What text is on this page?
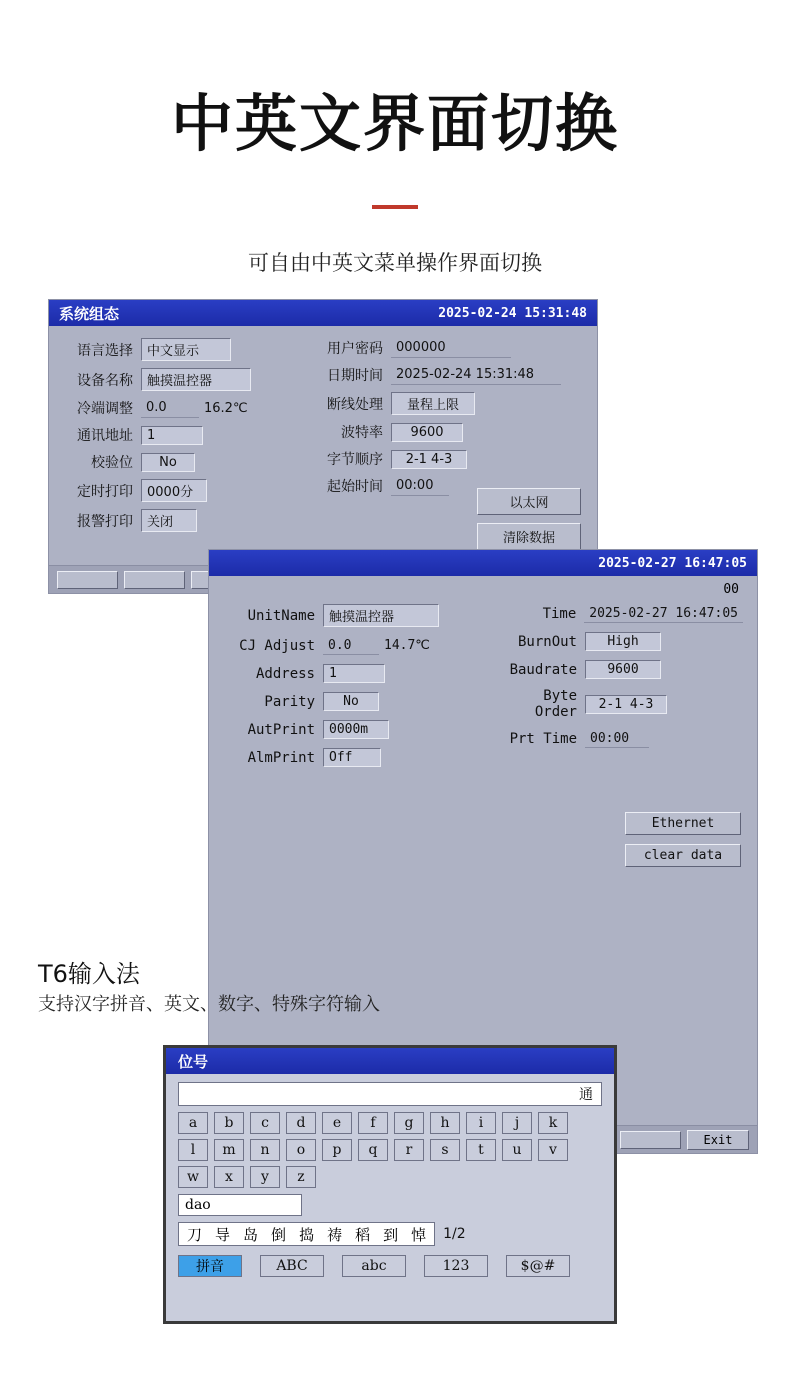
中英文界面切换
可自由中英文菜单操作界面切换
系统组态	2025-02-24 15:31:48
语言选择	中文显示
设备名称	触摸温控器
冷端调整	0.0	16.2℃
通讯地址	1
校验位	No
定时打印	0000分
报警打印	关闭
用户密码	000000
日期时间	2025-02-24 15:31:48
断线处理	量程上限
波特率	9600
字节顺序	2-1 4-3
起始时间	00:00
以太网
清除数据
2025-02-27 16:47:05
00
UnitName	触摸温控器
CJ Adjust	0.0	14.7℃
Address	1
Parity	No
AutPrint	0000m
AlmPrint	Off
Time	2025-02-27 16:47:05
BurnOut	High
Baudrate	9600
Byte Order	2-1 4-3
Prt Time	00:00
Ethernet
clear data
Exit
T6输入法
支持汉字拼音、英文、数字、特殊字符输入
位号
通
a	b	c	d	e	f	g	h	i	j	k
l	m	n	o	p	q	r	s	t	u	v
w	x	y	z
dao
刀 导 岛 倒 捣 祷 稻 到 悼 1/2
拼音	ABC	abc	123	$@#
